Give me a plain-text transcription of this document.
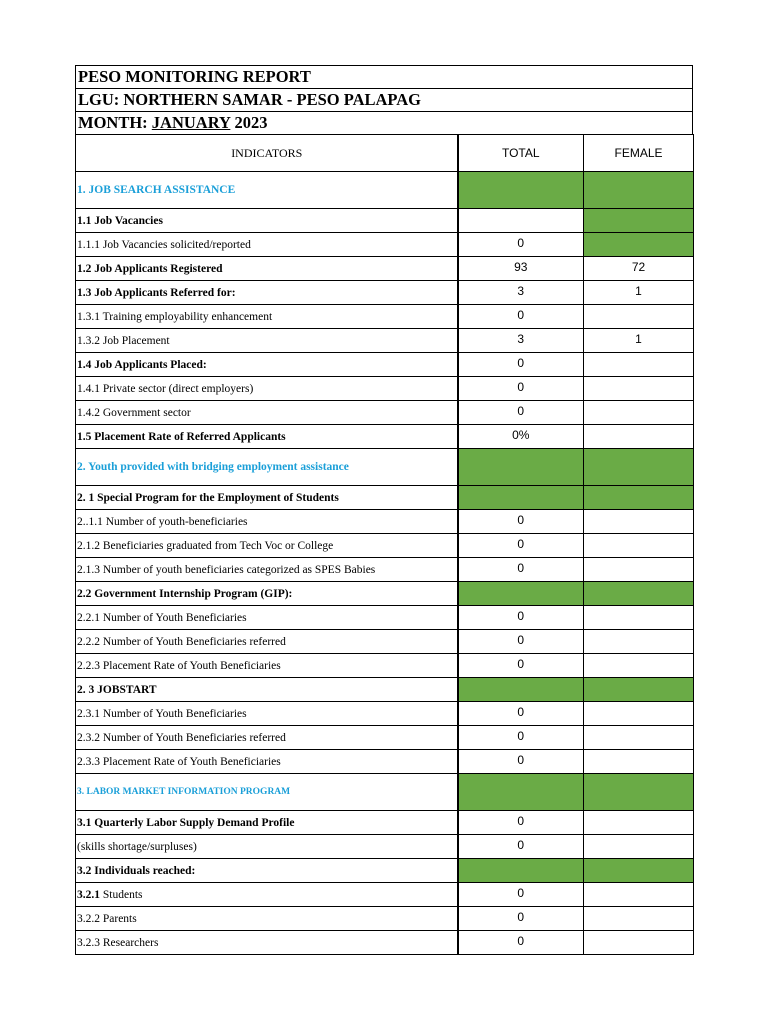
PESO MONITORING REPORT
LGU: NORTHERN SAMAR - PESO PALAPAG
MONTH: JANUARY 2023
INDICATORS	TOTAL	FEMALE
1. JOB SEARCH ASSISTANCE		
1.1 Job Vacancies		
1.1.1 Job Vacancies solicited/reported	0	
1.2 Job Applicants Registered	93	72
1.3 Job Applicants Referred for:	3	1
1.3.1 Training employability enhancement	0	
1.3.2 Job Placement	3	1
1.4 Job Applicants Placed:	0	
1.4.1 Private sector (direct employers)	0	
1.4.2 Government sector	0	
1.5 Placement Rate of Referred Applicants	0%	
2. Youth provided with bridging employment assistance		
2. 1 Special Program for the Employment of Students		
2..1.1 Number of youth-beneficiaries	0	
2.1.2 Beneficiaries graduated from Tech Voc or College	0	
2.1.3 Number of youth beneficiaries categorized as SPES Babies	0	
2.2 Government Internship Program (GIP):		
2.2.1 Number of Youth Beneficiaries	0	
2.2.2 Number of Youth Beneficiaries referred	0	
2.2.3 Placement Rate of Youth Beneficiaries	0	
2. 3 JOBSTART		
2.3.1 Number of Youth Beneficiaries	0	
2.3.2 Number of Youth Beneficiaries referred	0	
2.3.3 Placement Rate of Youth Beneficiaries	0	
3. LABOR MARKET INFORMATION PROGRAM		
3.1 Quarterly Labor Supply Demand Profile	0	
(skills shortage/surpluses)	0	
3.2 Individuals reached:		
3.2.1 Students	0	
3.2.2 Parents	0	
3.2.3 Researchers	0	
